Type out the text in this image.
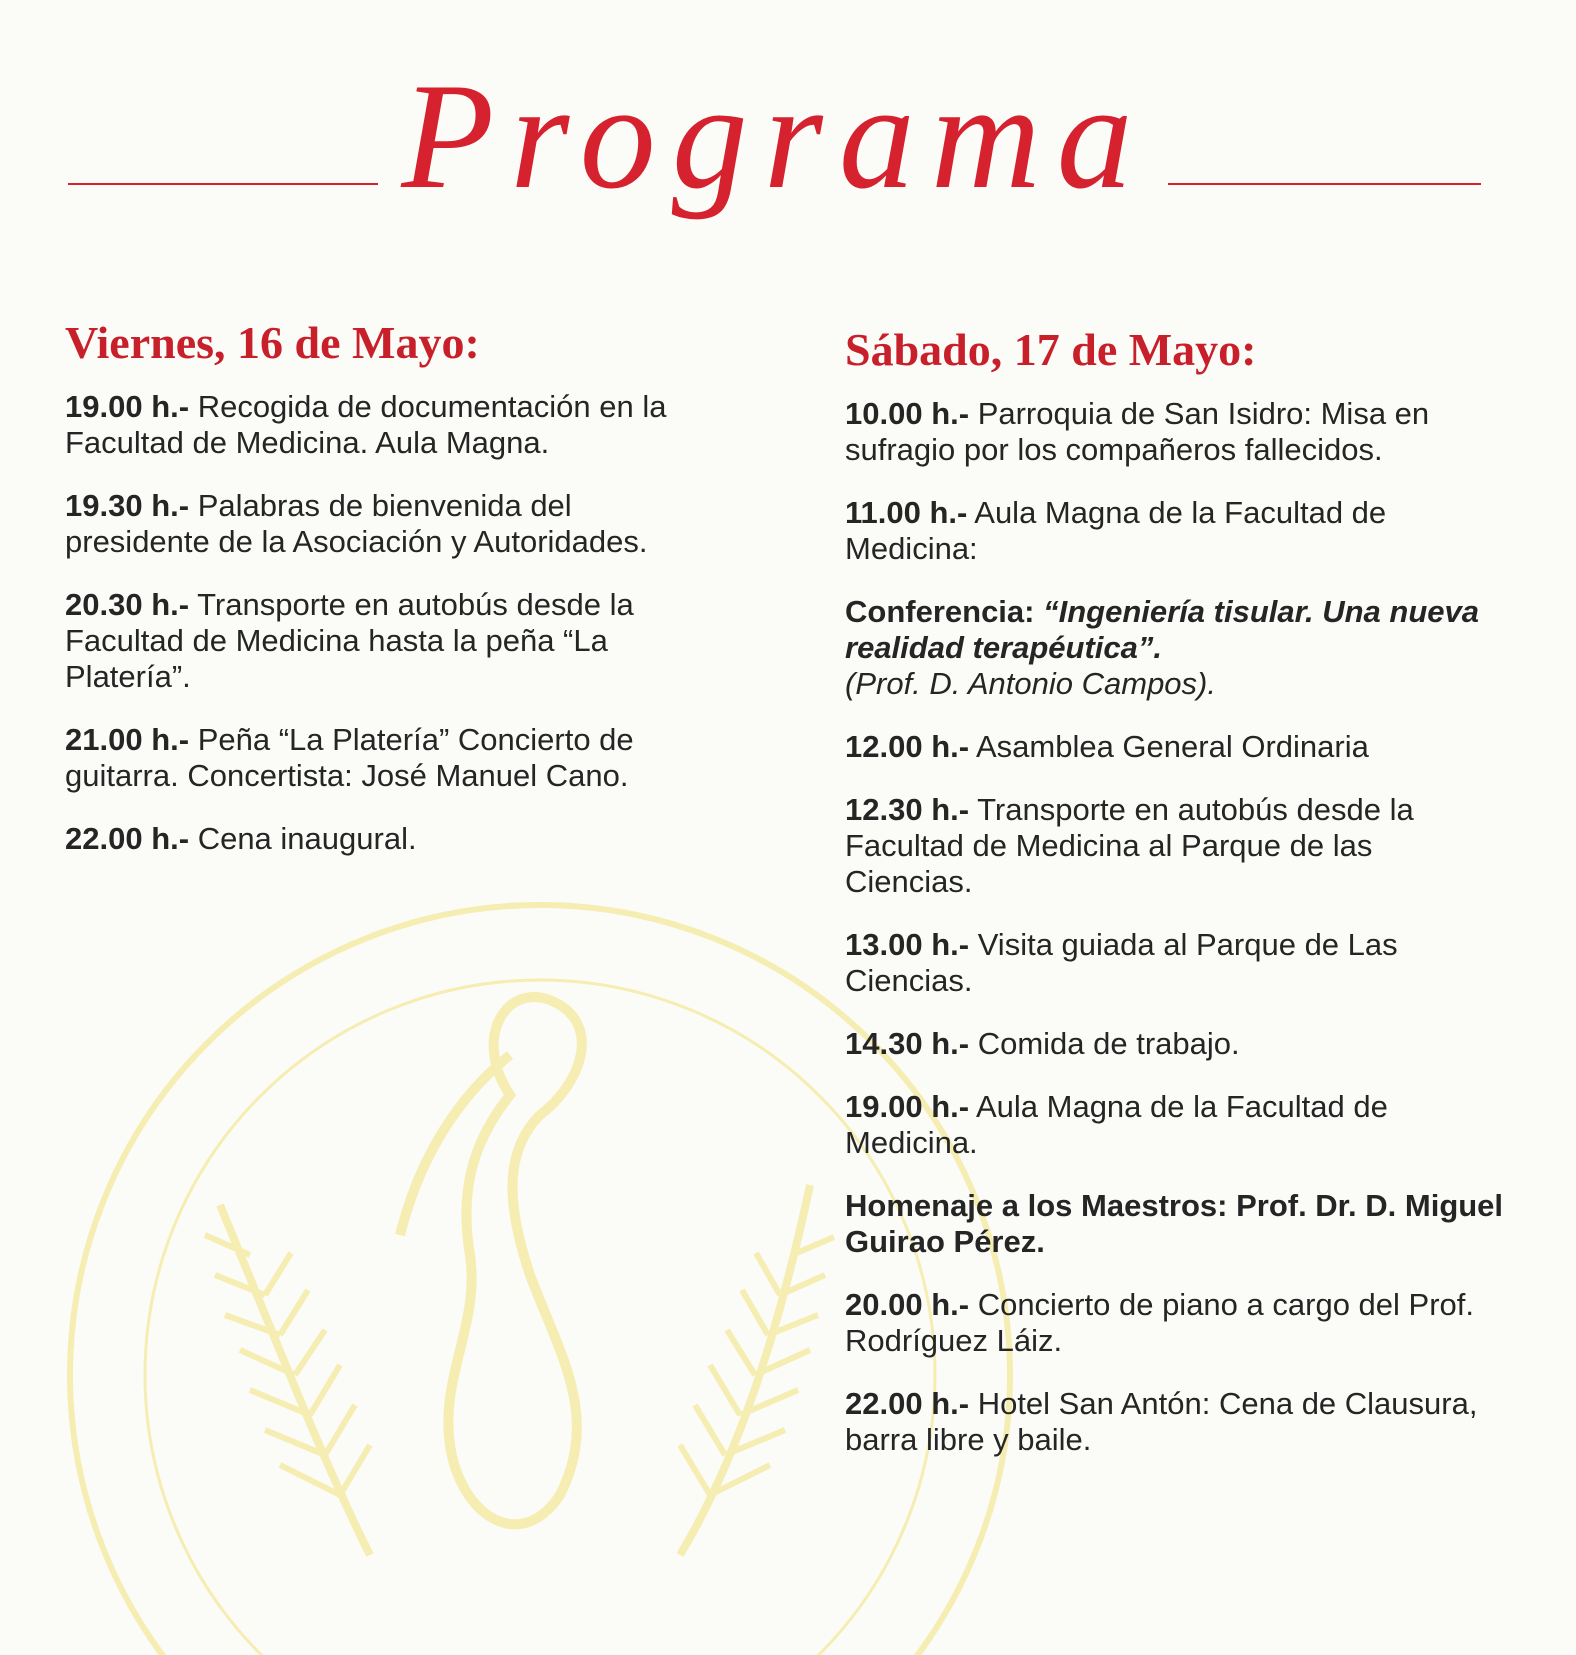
Programa
Viernes, 16 de Mayo:
19.00 h.- Recogida de documentación en la Facultad de Medicina. Aula Magna.
19.30 h.- Palabras de bienvenida del presidente de la Asociación y Autoridades.
20.30 h.- Transporte en autobús desde la Facultad de Medicina hasta la peña “La Platería”.
21.00 h.- Peña “La Platería” Concierto de guitarra. Concertista: José Manuel Cano.
22.00 h.- Cena inaugural.
Sábado, 17 de Mayo:
10.00 h.- Parroquia de San Isidro: Misa en sufragio por los compañeros fallecidos.
11.00 h.- Aula Magna de la Facultad de Medicina:
Conferencia: “Ingeniería tisular. Una nueva realidad terapéutica”.
(Prof. D. Antonio Campos).
12.00 h.- Asamblea General Ordinaria
12.30 h.- Transporte en autobús desde la Facultad de Medicina al Parque de las Ciencias.
13.00 h.- Visita guiada al Parque de Las Ciencias.
14.30 h.- Comida de trabajo.
19.00 h.- Aula Magna de la Facultad de Medicina.
Homenaje a los Maestros: Prof. Dr. D. Miguel Guirao Pérez.
20.00 h.- Concierto de piano a cargo del Prof. Rodríguez Láiz.
22.00 h.- Hotel San Antón: Cena de Clausura, barra libre y baile.
